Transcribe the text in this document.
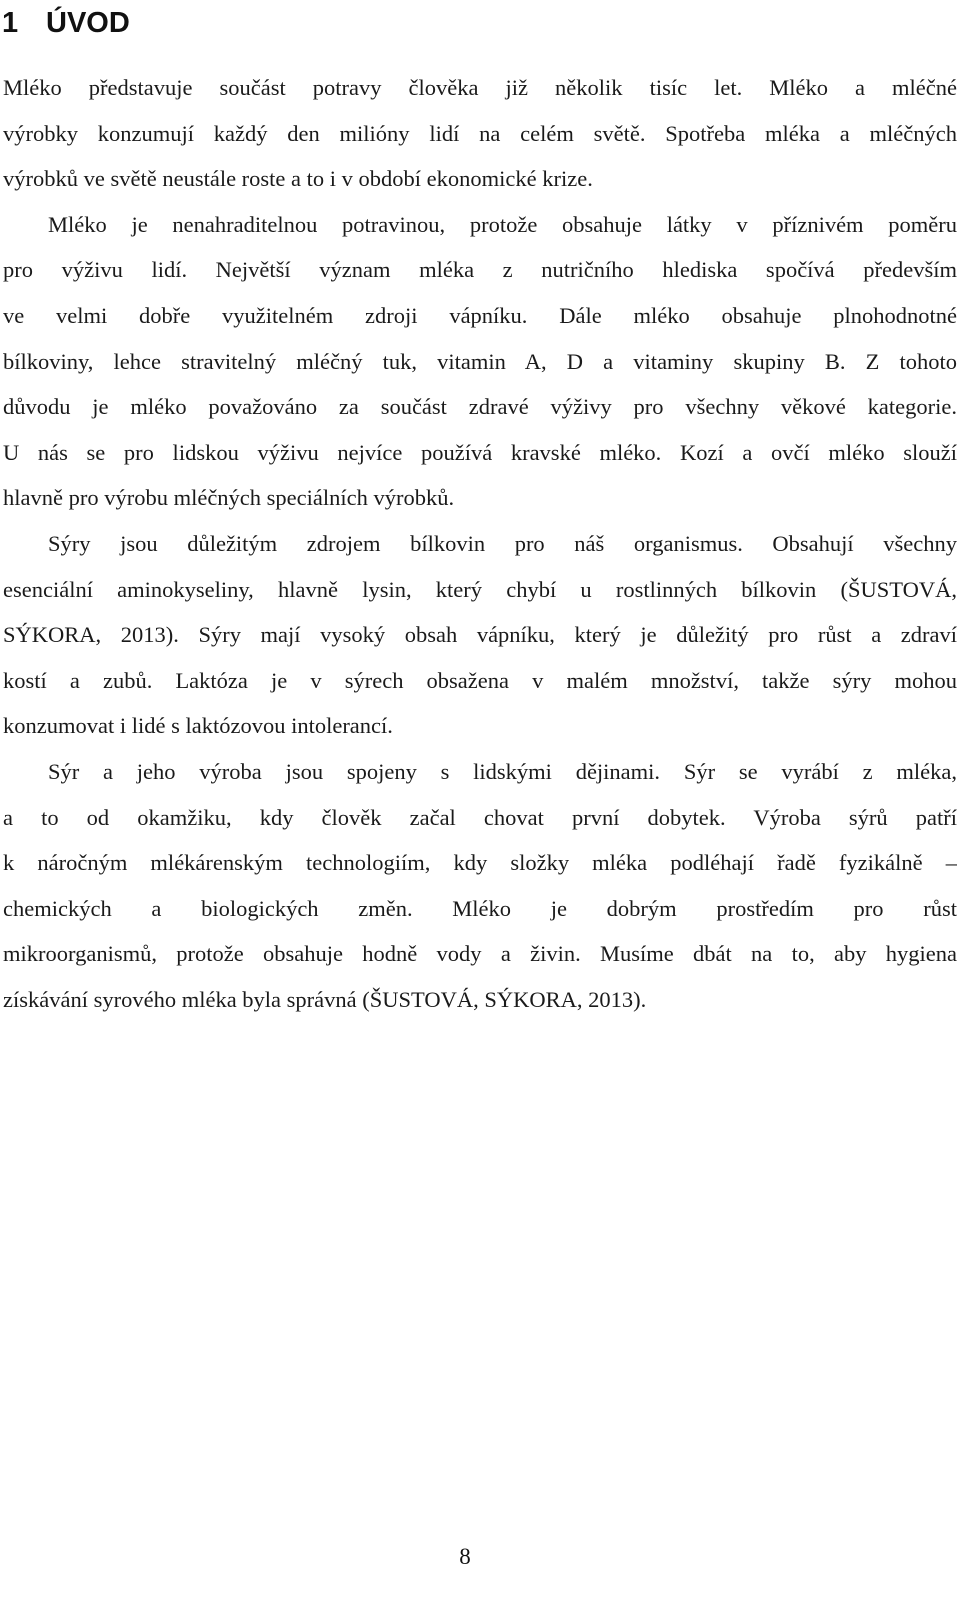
1 ÚVOD
Mléko představuje součást potravy člověka již několik tisíc let. Mléko a mléčné
výrobky konzumují každý den milióny lidí na celém světě. Spotřeba mléka a mléčných
výrobků ve světě neustále roste a to i v období ekonomické krize.
Mléko je nenahraditelnou potravinou, protože obsahuje látky v příznivém poměru
pro výživu lidí. Největší význam mléka z nutričního hlediska spočívá především
ve velmi dobře využitelném zdroji vápníku. Dále mléko obsahuje plnohodnotné
bílkoviny, lehce stravitelný mléčný tuk, vitamin A, D a vitaminy skupiny B. Z tohoto
důvodu je mléko považováno za součást zdravé výživy pro všechny věkové kategorie.
U nás se pro lidskou výživu nejvíce používá kravské mléko. Kozí a ovčí mléko slouží
hlavně pro výrobu mléčných speciálních výrobků.
Sýry jsou důležitým zdrojem bílkovin pro náš organismus. Obsahují všechny
esenciální aminokyseliny, hlavně lysin, který chybí u rostlinných bílkovin (ŠUSTOVÁ,
SÝKORA, 2013). Sýry mají vysoký obsah vápníku, který je důležitý pro růst a zdraví
kostí a zubů. Laktóza je v sýrech obsažena v malém množství, takže sýry mohou
konzumovat i lidé s laktózovou intolerancí.
Sýr a jeho výroba jsou spojeny s lidskými dějinami. Sýr se vyrábí z mléka,
a to od okamžiku, kdy člověk začal chovat první dobytek. Výroba sýrů patří
k náročným mlékárenským technologiím, kdy složky mléka podléhají řadě fyzikálně –
chemických a biologických změn. Mléko je dobrým prostředím pro růst
mikroorganismů, protože obsahuje hodně vody a živin. Musíme dbát na to, aby hygiena
získávání syrového mléka byla správná (ŠUSTOVÁ, SÝKORA, 2013).
8
